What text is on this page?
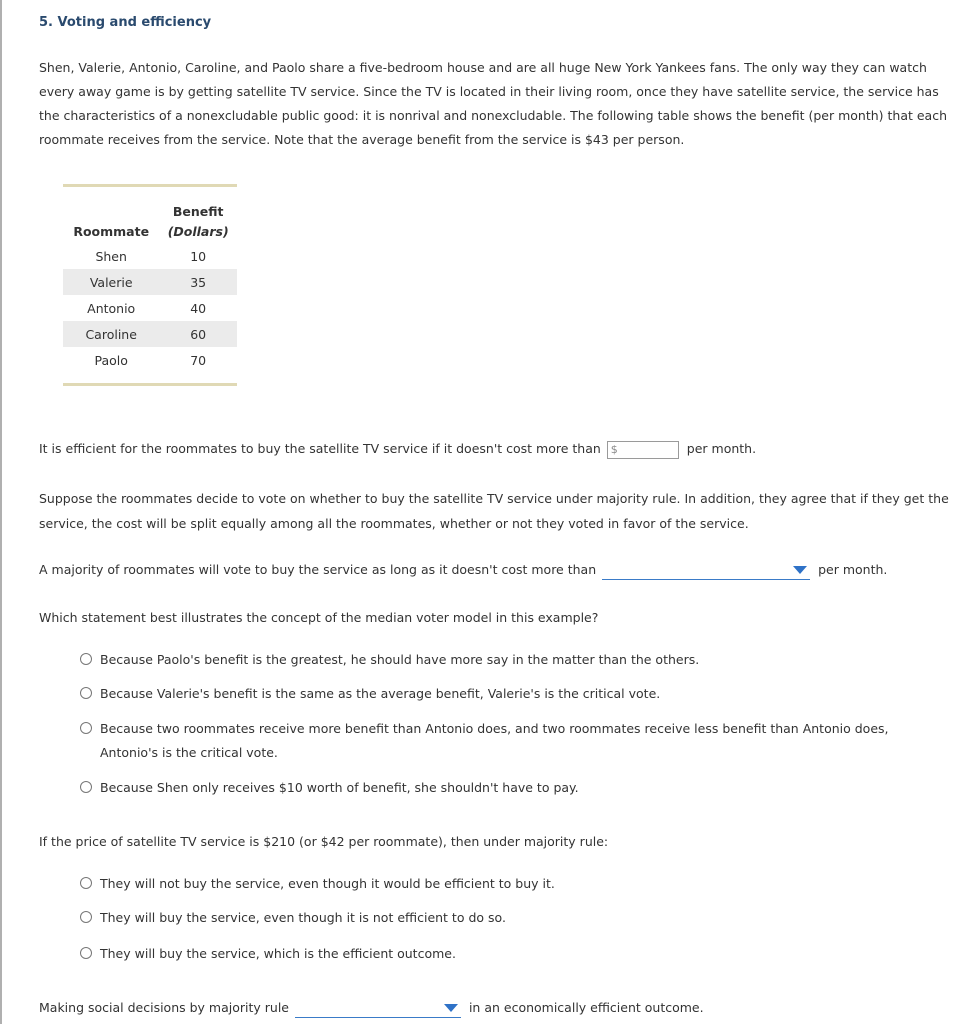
5. Voting and efficiency
Shen, Valerie, Antonio, Caroline, and Paolo share a five-bedroom house and are all huge New York Yankees fans. The only way they can watch every away game is by getting satellite TV service. Since the TV is located in their living room, once they have satellite service, the service has the characteristics of a nonexcludable public good: it is nonrival and nonexcludable. The following table shows the benefit (per month) that each roommate receives from the service. Note that the average benefit from the service is $43 per person.
	Benefit
Roommate	(Dollars)
Shen	10
Valerie	35
Antonio	40
Caroline	60
Paolo	70
It is efficient for the roommates to buy the satellite TV service if it doesn't cost more than $	per month.
Suppose the roommates decide to vote on whether to buy the satellite TV service under majority rule. In addition, they agree that if they get the service, the cost will be split equally among all the roommates, whether or not they voted in favor of the service.
A majority of roommates will vote to buy the service as long as it doesn't cost more than	per month.
Which statement best illustrates the concept of the median voter model in this example?
Because Paolo's benefit is the greatest, he should have more say in the matter than the others.
Because Valerie's benefit is the same as the average benefit, Valerie's is the critical vote.
Because two roommates receive more benefit than Antonio does, and two roommates receive less benefit than Antonio does, Antonio's is the critical vote.
Because Shen only receives $10 worth of benefit, she shouldn't have to pay.
If the price of satellite TV service is $210 (or $42 per roommate), then under majority rule:
They will not buy the service, even though it would be efficient to buy it.
They will buy the service, even though it is not efficient to do so.
They will buy the service, which is the efficient outcome.
Making social decisions by majority rule	in an economically efficient outcome.
